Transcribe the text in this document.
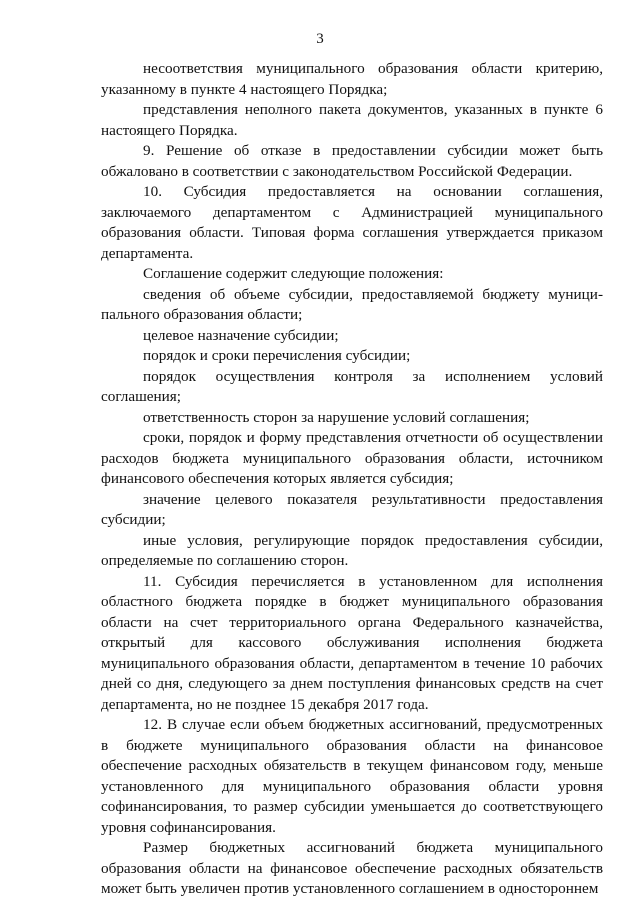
3

несоответствия муниципального образования области критерию, указанному в пункте 4 настоящего Порядка;

представления неполного пакета документов, указанных в пункте 6 настоящего Порядка.

9. Решение об отказе в предоставлении субсидии может быть обжаловано в соответствии с законодательством Российской Федерации.

10. Субсидия предоставляется на основании соглашения, заключаемого департаментом с Администрацией муниципального образования области. Типовая форма соглашения утверждается приказом департамента.

Соглашение содержит следующие положения:

сведения об объеме субсидии, предоставляемой бюджету муниципального образования области;

целевое назначение субсидии;

порядок и сроки перечисления субсидии;

порядок осуществления контроля за исполнением условий соглашения;

ответственность сторон за нарушение условий соглашения;

сроки, порядок и форму представления отчетности об осуществлении расходов бюджета муниципального образования области, источником финансового обеспечения которых является субсидия;

значение целевого показателя результативности предоставления субсидии;

иные условия, регулирующие порядок предоставления субсидии, определяемые по соглашению сторон.

11. Субсидия перечисляется в установленном для исполнения областного бюджета порядке в бюджет муниципального образования области на счет территориального органа Федерального казначейства, открытый для кассового обслуживания исполнения бюджета муниципального образования области, департаментом в течение 10 рабочих дней со дня, следующего за днем поступления финансовых средств на счет департамента, но не позднее 15 декабря 2017 года.

12. В случае если объем бюджетных ассигнований, предусмотренных в бюджете муниципального образования области на финансовое обеспечение расходных обязательств в текущем финансовом году, меньше установленного для муниципального образования области уровня софинансирования, то размер субсидии уменьшается до соответствующего уровня софинансирования.

Размер бюджетных ассигнований бюджета муниципального образования области на финансовое обеспечение расходных обязательств может быть увеличен против установленного соглашением в одностороннем
